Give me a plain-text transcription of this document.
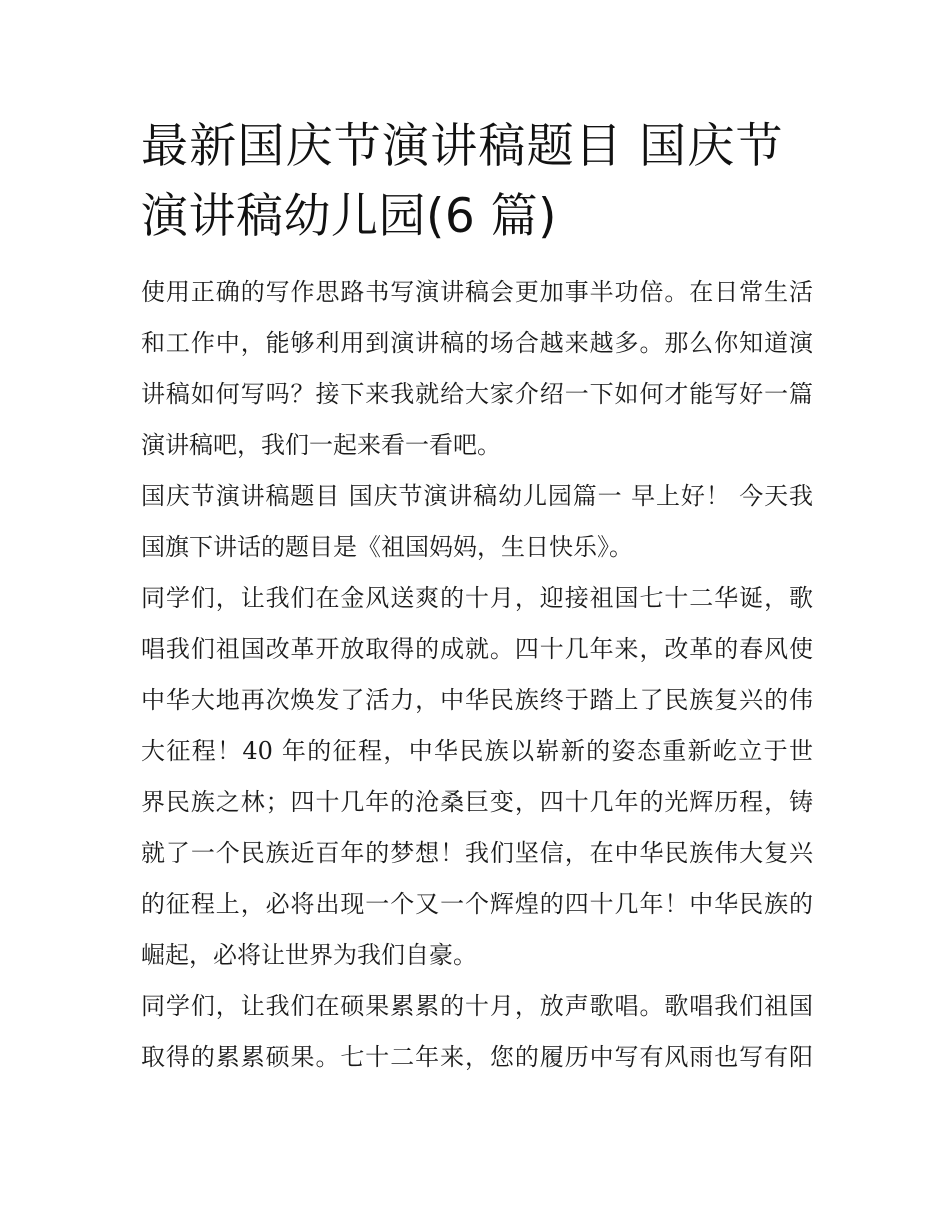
最新国庆节演讲稿题目 国庆节
演讲稿幼儿园(6 篇)

使用正确的写作思路书写演讲稿会更加事半功倍。在日常生活
和工作中，能够利用到演讲稿的场合越来越多。那么你知道演
讲稿如何写吗？接下来我就给大家介绍一下如何才能写好一篇
演讲稿吧，我们一起来看一看吧。

国庆节演讲稿题目 国庆节演讲稿幼儿园篇一 早上好！ 今天我
国旗下讲话的题目是《祖国妈妈，生日快乐》。

同学们，让我们在金风送爽的十月，迎接祖国七十二华诞，歌
唱我们祖国改革开放取得的成就。四十几年来，改革的春风使
中华大地再次焕发了活力，中华民族终于踏上了民族复兴的伟
大征程！40 年的征程，中华民族以崭新的姿态重新屹立于世
界民族之林；四十几年的沧桑巨变，四十几年的光辉历程，铸
就了一个民族近百年的梦想！我们坚信，在中华民族伟大复兴
的征程上，必将出现一个又一个辉煌的四十几年！中华民族的
崛起，必将让世界为我们自豪。

同学们，让我们在硕果累累的十月，放声歌唱。歌唱我们祖国
取得的累累硕果。七十二年来，您的履历中写有风雨也写有阳
